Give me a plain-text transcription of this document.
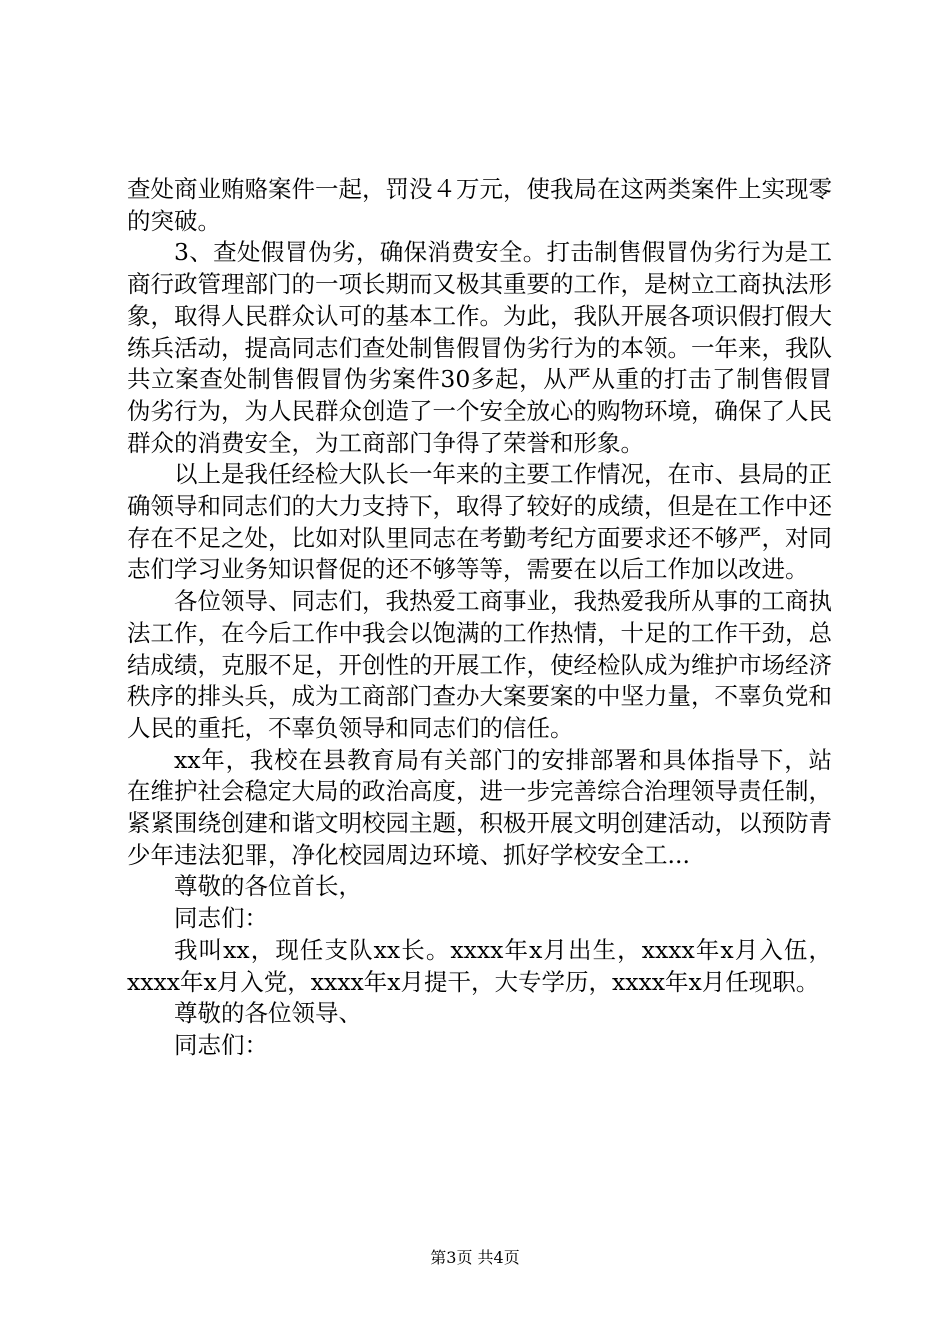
查处商业贿赂案件一起，罚没４万元，使我局在这两类案件上实现零的突破。

3、查处假冒伪劣，确保消费安全。打击制售假冒伪劣行为是工商行政管理部门的一项长期而又极其重要的工作，是树立工商执法形象，取得人民群众认可的基本工作。为此，我队开展各项识假打假大练兵活动，提高同志们查处制售假冒伪劣行为的本领。一年来，我队共立案查处制售假冒伪劣案件30多起，从严从重的打击了制售假冒伪劣行为，为人民群众创造了一个安全放心的购物环境，确保了人民群众的消费安全，为工商部门争得了荣誉和形象。

以上是我任经检大队长一年来的主要工作情况，在市、县局的正确领导和同志们的大力支持下，取得了较好的成绩，但是在工作中还存在不足之处，比如对队里同志在考勤考纪方面要求还不够严，对同志们学习业务知识督促的还不够等等，需要在以后工作加以改进。

各位领导、同志们，我热爱工商事业，我热爱我所从事的工商执法工作，在今后工作中我会以饱满的工作热情，十足的工作干劲，总结成绩，克服不足，开创性的开展工作，使经检队成为维护市场经济秩序的排头兵，成为工商部门查办大案要案的中坚力量，不辜负党和人民的重托，不辜负领导和同志们的信任。

xx年，我校在县教育局有关部门的安排部署和具体指导下，站在维护社会稳定大局的政治高度，进一步完善综合治理领导责任制，紧紧围绕创建和谐文明校园主题，积极开展文明创建活动，以预防青少年违法犯罪，净化校园周边环境、抓好学校安全工...

尊敬的各位首长，

同志们：

我叫xx，现任支队xx长。xxxx年x月出生，xxxx年x月入伍，xxxx年x月入党，xxxx年x月提干，大专学历，xxxx年x月任现职。

尊敬的各位领导、

同志们：

第3页 共4页
